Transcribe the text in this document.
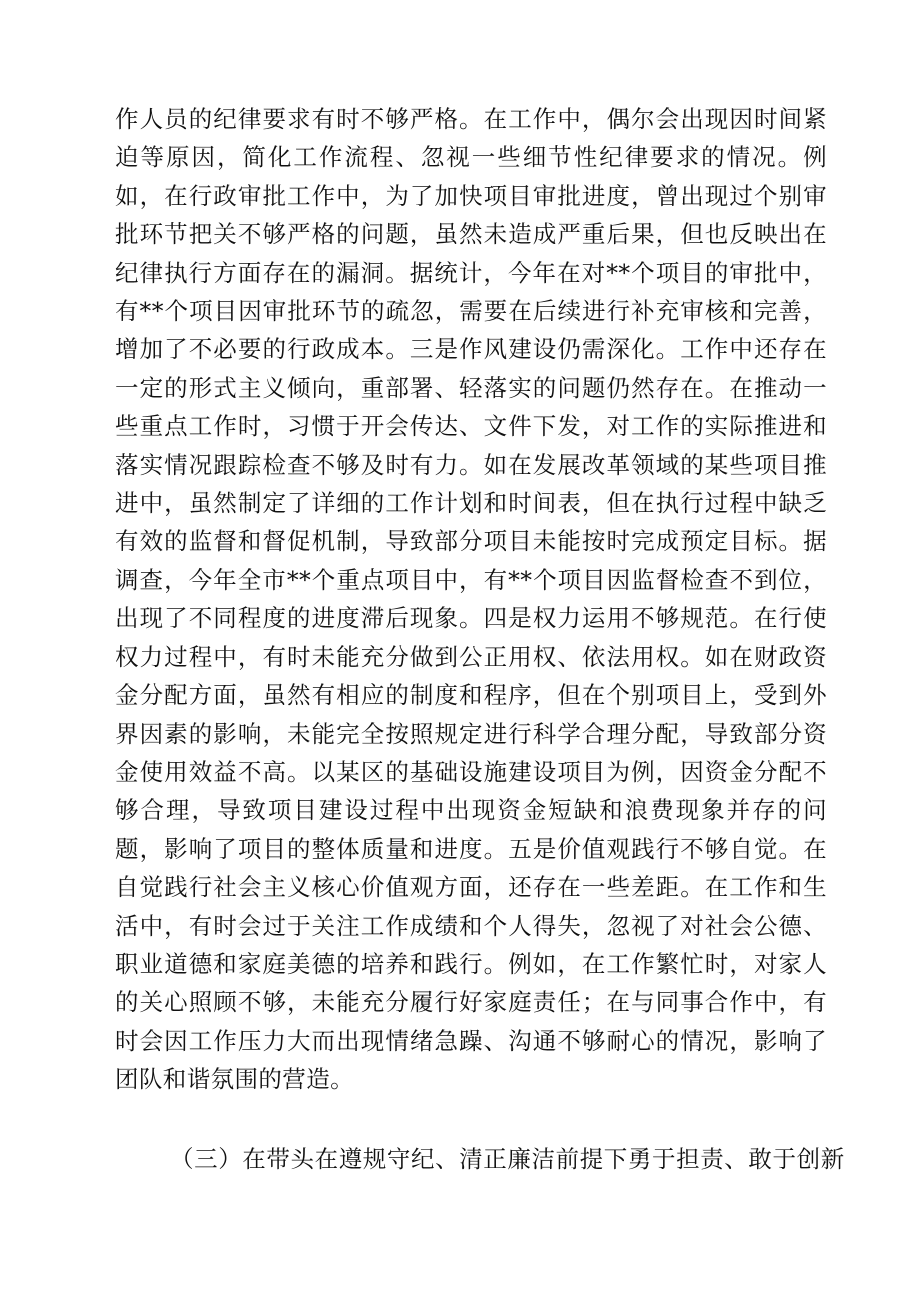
作人员的纪律要求有时不够严格。在工作中，偶尔会出现因时间紧迫等原因，简化工作流程、忽视一些细节性纪律要求的情况。例如，在行政审批工作中，为了加快项目审批进度，曾出现过个别审批环节把关不够严格的问题，虽然未造成严重后果，但也反映出在纪律执行方面存在的漏洞。据统计，今年在对**个项目的审批中，有**个项目因审批环节的疏忽，需要在后续进行补充审核和完善，增加了不必要的行政成本。三是作风建设仍需深化。工作中还存在一定的形式主义倾向，重部署、轻落实的问题仍然存在。在推动一些重点工作时，习惯于开会传达、文件下发，对工作的实际推进和落实情况跟踪检查不够及时有力。如在发展改革领域的某些项目推进中，虽然制定了详细的工作计划和时间表，但在执行过程中缺乏有效的监督和督促机制，导致部分项目未能按时完成预定目标。据调查，今年全市**个重点项目中，有**个项目因监督检查不到位，出现了不同程度的进度滞后现象。四是权力运用不够规范。在行使权力过程中，有时未能充分做到公正用权、依法用权。如在财政资金分配方面，虽然有相应的制度和程序，但在个别项目上，受到外界因素的影响，未能完全按照规定进行科学合理分配，导致部分资金使用效益不高。以某区的基础设施建设项目为例，因资金分配不够合理，导致项目建设过程中出现资金短缺和浪费现象并存的问题，影响了项目的整体质量和进度。五是价值观践行不够自觉。在自觉践行社会主义核心价值观方面，还存在一些差距。在工作和生活中，有时会过于关注工作成绩和个人得失，忽视了对社会公德、职业道德和家庭美德的培养和践行。例如，在工作繁忙时，对家人的关心照顾不够，未能充分履行好家庭责任；在与同事合作中，有时会因工作压力大而出现情绪急躁、沟通不够耐心的情况，影响了团队和谐氛围的营造。

（三）在带头在遵规守纪、清正廉洁前提下勇于担责、敢于创新
